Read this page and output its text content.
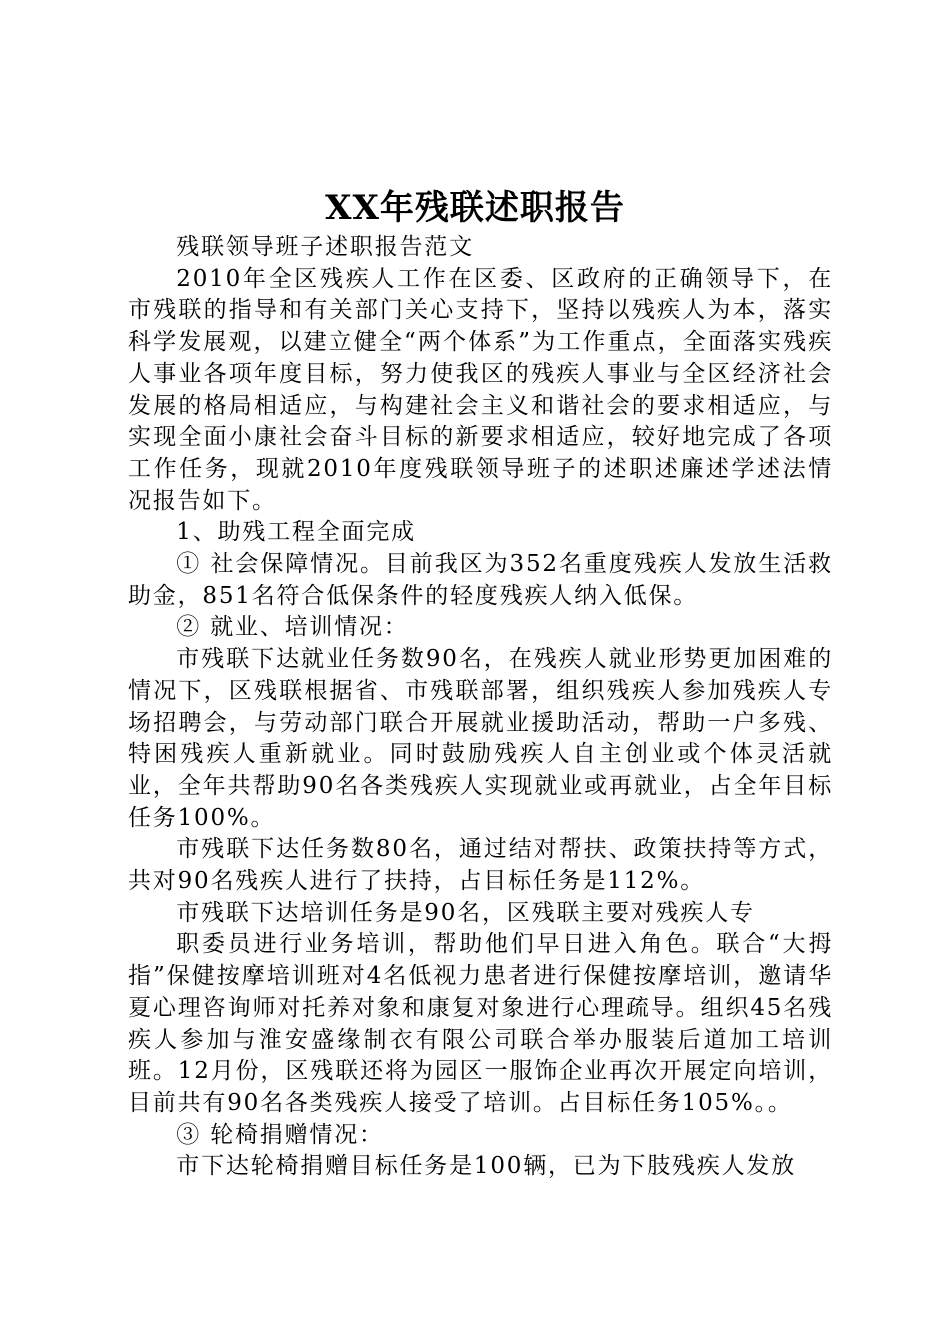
XX年残联述职报告

残联领导班子述职报告范文

2010年全区残疾人工作在区委、区政府的正确领导下，在市残联的指导和有关部门关心支持下，坚持以残疾人为本，落实科学发展观，以建立健全“两个体系”为工作重点，全面落实残疾人事业各项年度目标，努力使我区的残疾人事业与全区经济社会发展的格局相适应，与构建社会主义和谐社会的要求相适应，与实现全面小康社会奋斗目标的新要求相适应，较好地完成了各项工作任务，现就2010年度残联领导班子的述职述廉述学述法情况报告如下。

1、助残工程全面完成

① 社会保障情况。目前我区为352名重度残疾人发放生活救助金，851名符合低保条件的轻度残疾人纳入低保。

② 就业、培训情况：

市残联下达就业任务数90名，在残疾人就业形势更加困难的情况下，区残联根据省、市残联部署，组织残疾人参加残疾人专场招聘会，与劳动部门联合开展就业援助活动，帮助一户多残、特困残疾人重新就业。同时鼓励残疾人自主创业或个体灵活就业，全年共帮助90名各类残疾人实现就业或再就业，占全年目标任务100%。

市残联下达任务数80名，通过结对帮扶、政策扶持等方式，共对90名残疾人进行了扶持，占目标任务是112%。

市残联下达培训任务是90名，区残联主要对残疾人专

职委员进行业务培训，帮助他们早日进入角色。联合“大拇指”保健按摩培训班对4名低视力患者进行保健按摩培训，邀请华夏心理咨询师对托养对象和康复对象进行心理疏导。组织45名残疾人参加与淮安盛缘制衣有限公司联合举办服装后道加工培训班。12月份，区残联还将为园区一服饰企业再次开展定向培训，目前共有90名各类残疾人接受了培训。占目标任务105%。。

③ 轮椅捐赠情况：

市下达轮椅捐赠目标任务是100辆，已为下肢残疾人发放
